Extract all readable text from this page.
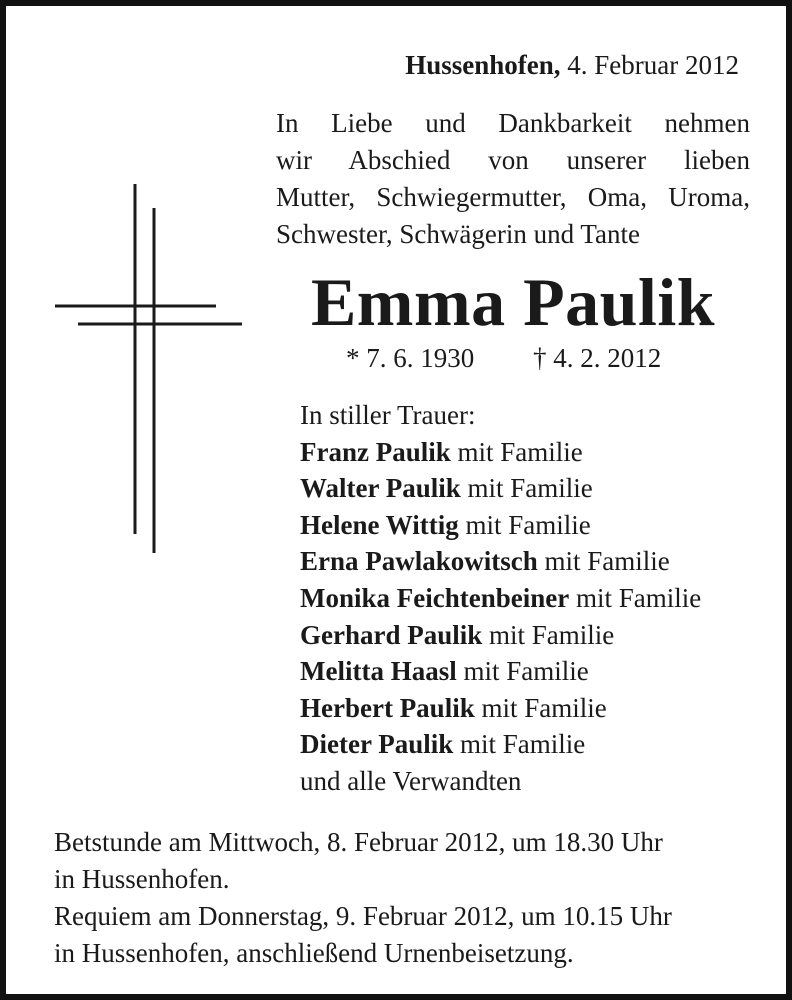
Hussenhofen, 4. Februar 2012
In Liebe und Dankbarkeit nehmen
wir Abschied von unserer lieben
Mutter, Schwiegermutter, Oma, Uroma,
Schwester, Schwägerin und Tante
Emma Paulik
* 7. 6. 1930 † 4. 2. 2012
In stiller Trauer:
Franz Paulik mit Familie
Walter Paulik mit Familie
Helene Wittig mit Familie
Erna Pawlakowitsch mit Familie
Monika Feichtenbeiner mit Familie
Gerhard Paulik mit Familie
Melitta Haasl mit Familie
Herbert Paulik mit Familie
Dieter Paulik mit Familie
und alle Verwandten
Betstunde am Mittwoch, 8. Februar 2012, um 18.30 Uhr
in Hussenhofen.
Requiem am Donnerstag, 9. Februar 2012, um 10.15 Uhr
in Hussenhofen, anschließend Urnenbeisetzung.
